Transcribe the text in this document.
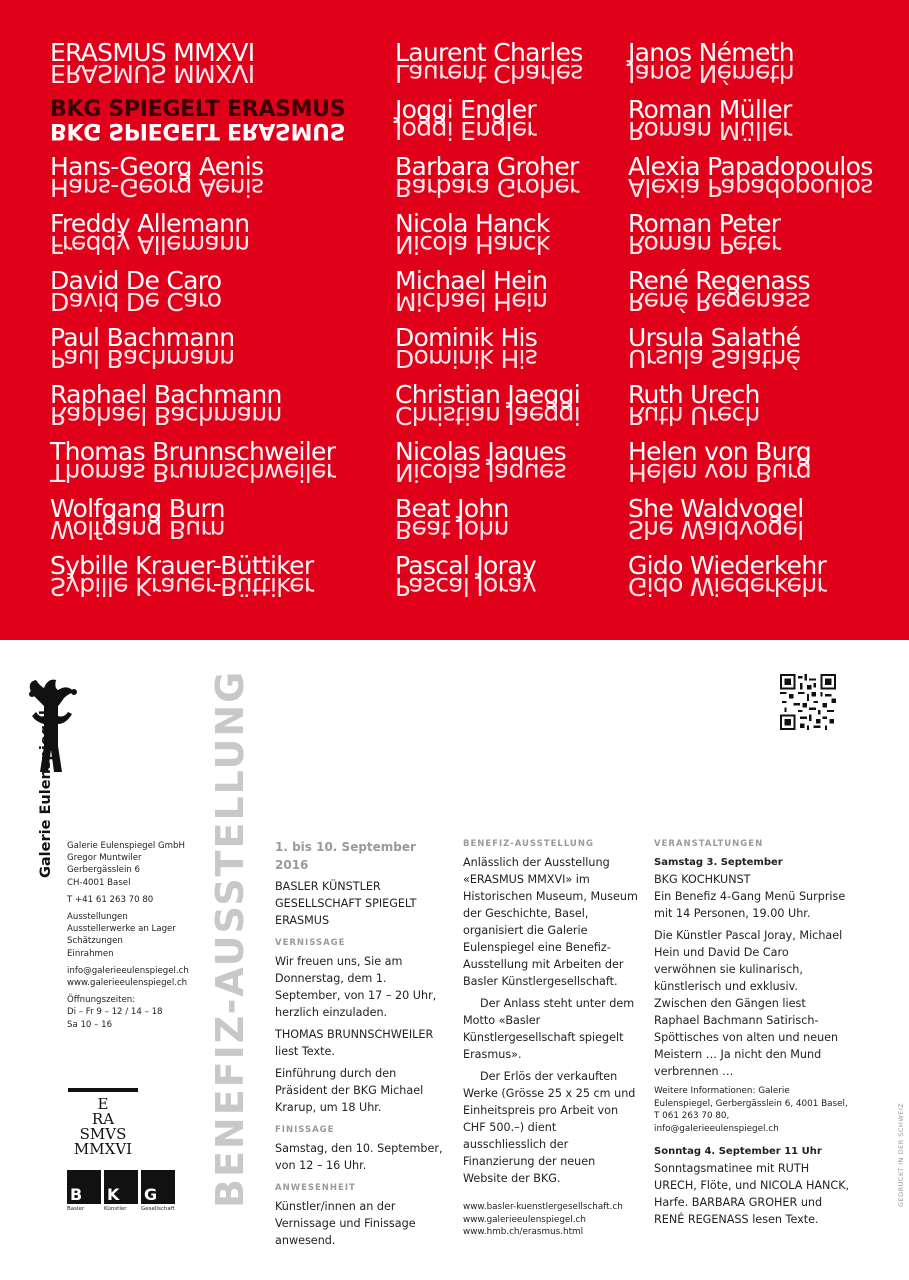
ERASMUS MMXVI
ERASMUS MMXVI
BKG SPIEGELT ERASMUS
BKG SPIEGELT ERASMUS
Hans-Georg Aenis
Hans-Georg Aenis
Freddy Allemann
Freddy Allemann
David De Caro
David De Caro
Paul Bachmann
Paul Bachmann
Raphael Bachmann
Raphael Bachmann
Thomas Brunnschweiler
Thomas Brunnschweiler
Wolfgang Burn
Wolfgang Burn
Sybille Krauer-Büttiker
Sybille Krauer-Büttiker
Laurent Charles
Laurent Charles
Joggi Engler
Joggi Engler
Barbara Groher
Barbara Groher
Nicola Hanck
Nicola Hanck
Michael Hein
Michael Hein
Dominik His
Dominik His
Christian Jaeggi
Christian Jaeggi
Nicolas Jaques
Nicolas Jaques
Beat John
Beat John
Pascal Joray
Pascal Joray
Janos Németh
Janos Németh
Roman Müller
Roman Müller
Alexia Papadopoulos
Alexia Papadopoulos
Roman Peter
Roman Peter
René Regenass
René Regenass
Ursula Salathé
Ursula Salathé
Ruth Urech
Ruth Urech
Helen von Burg
Helen von Burg
She Waldvogel
She Waldvogel
Gido Wiederkehr
Gido Wiederkehr
Galerie Eulenspiegel Galerie Eulenspiegel GmbH
Gregor Muntwiler
Gerbergässlein 6
CH-4001 Basel

T +41 61 263 70 80

Ausstellungen
Ausstellerwerke an Lager
Schätzungen
Einrahmen

info@galerieeulenspiegel.ch
www.galerieeulenspiegel.ch

Öffnungszeiten:
Di – Fr 9 – 12 / 14 – 18
Sa 10 – 16

E
RA
SMVS
MMXVI
B K G
Basler	Künstler	Gesellschaft
BENEFIZ-AUSSTELLUNG 1. bis 10. September 2016

BASLER KÜNSTLER GESELLSCHAFT SPIEGELT ERASMUS

VERNISSAGE

Wir freuen uns, Sie am Donnerstag, dem 1. September, von 17 – 20 Uhr, herzlich einzuladen.

THOMAS BRUNNSCHWEILER liest Texte.

Einführung durch den Präsident der BKG Michael Krarup, um 18 Uhr.

FINISSAGE

Samstag, den 10. September, von 12 – 16 Uhr.

ANWESENHEIT

Künstler/innen an der Vernissage und Finissage anwesend.

BENEFIZ-AUSSTELLUNG

Anlässlich der Ausstellung «ERASMUS MMXVI» im Historischen Museum, Museum der Geschichte, Basel, organisiert die Galerie Eulenspiegel eine Benefiz-Ausstellung mit Arbeiten der Basler Künstlergesellschaft.

Der Anlass steht unter dem Motto «Basler Künstlergesellschaft spiegelt Erasmus».

Der Erlös der verkauften Werke (Grösse 25 x 25 cm und Einheitspreis pro Arbeit von CHF 500.–) dient ausschliesslich der Finanzierung der neuen Website der BKG.

www.basler-kuenstlergesellschaft.ch
www.galerieeulenspiegel.ch
www.hmb.ch/erasmus.html
VERANSTALTUNGEN
Samstag 3. September
BKG KOCHKUNST

Ein Benefiz 4-Gang Menü Surprise mit 14 Personen, 19.00 Uhr.

Die Künstler Pascal Joray, Michael Hein und David De Caro verwöhnen sie kulinarisch, künstlerisch und exklusiv. Zwischen den Gängen liest Raphael Bachmann Satirisch-Spöttisches von alten und neuen Meistern … Ja nicht den Mund verbrennen …

Weitere Informationen: Galerie Eulenspiegel, Gerbergässlein 6, 4001 Basel, T 061 263 70 80, info@galerieeulenspiegel.ch

Sonntag 4. September 11 Uhr

Sonntagsmatinee mit RUTH URECH, Flöte, und NICOLA HANCK, Harfe. BARBARA GROHER und RENÉ REGENASS lesen Texte.

GEDRUCKT IN DER SCHWEIZ
